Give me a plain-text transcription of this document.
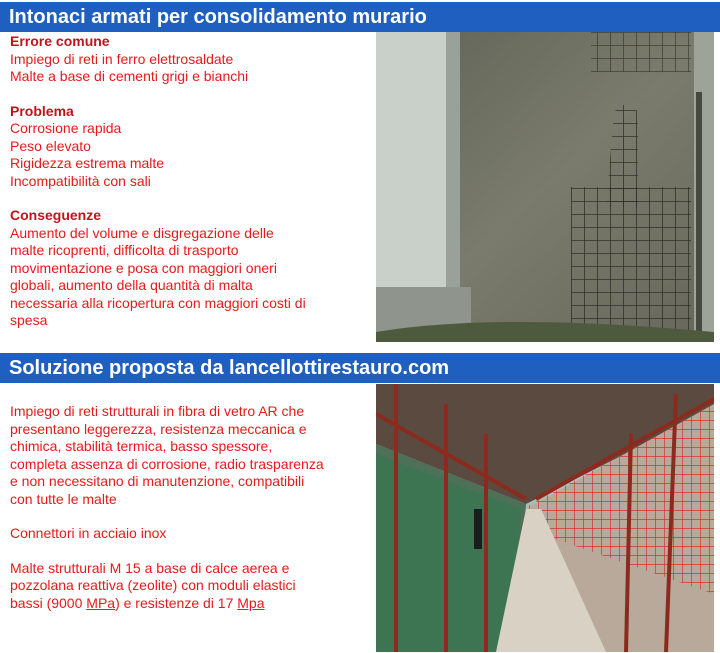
Intonaci armati per consolidamento murario

Errore comune

Impiego di reti in ferro elettrosaldate

Malte a base di cementi grigi e bianchi

Problema

Corrosione rapida

Peso elevato

Rigidezza estrema malte

Incompatibilità con sali

Conseguenze

Aumento del volume e disgregazione delle

malte ricoprenti, difficolta di trasporto

movimentazione e posa con maggiori oneri

globali, aumento della quantità di malta

necessaria alla ricopertura con maggiori costi di

spesa

Soluzione proposta da lancellottirestauro.com

Impiego di reti strutturali in fibra di vetro AR che

presentano leggerezza, resistenza meccanica e

chimica, stabilità termica, basso spessore,

completa assenza di corrosione, radio trasparenza

e non necessitano di manutenzione, compatibili

con tutte le malte

Connettori in acciaio inox

Malte strutturali M 15 a base di calce aerea e

pozzolana reattiva (zeolite) con moduli elastici

bassi (9000 MPa) e resistenze di 17 Mpa
